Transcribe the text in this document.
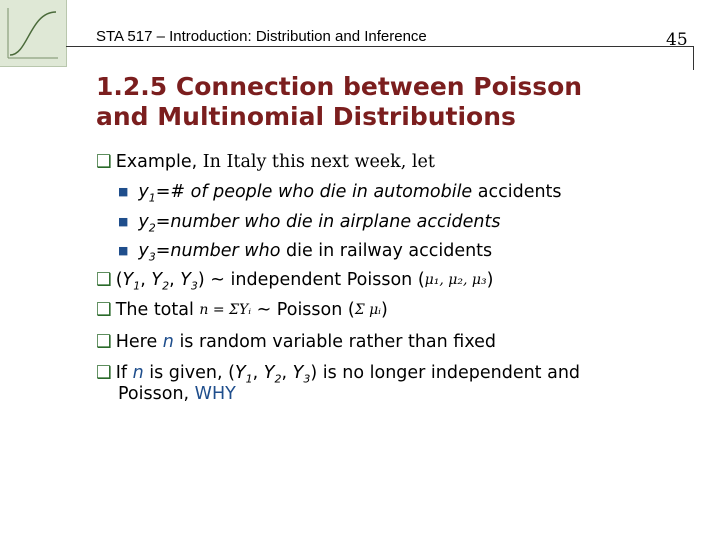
STA 517 – Introduction: Distribution and Inference	45
1.2.5 Connection between Poisson
and Multinomial Distributions
❑ Example, In Italy this next week, let
■ $y_1=\#$ of people who die in automobile accidents
■ $y_2=number$ who die in airplane accidents
■ $y_3=number$ who die in railway accidents
❑ ($Y_1$, $Y_2$, $Y_3$) ~ independent Poisson (μ₁, μ₂, μ₃)
❑ The total n = ΣYᵢ ~ Poisson (Σ μᵢ)
❑ Here n is random variable rather than fixed
❑ If n is given, ($Y_1$, $Y_2$, $Y_3$) is no longer independent and
Poisson, WHY
